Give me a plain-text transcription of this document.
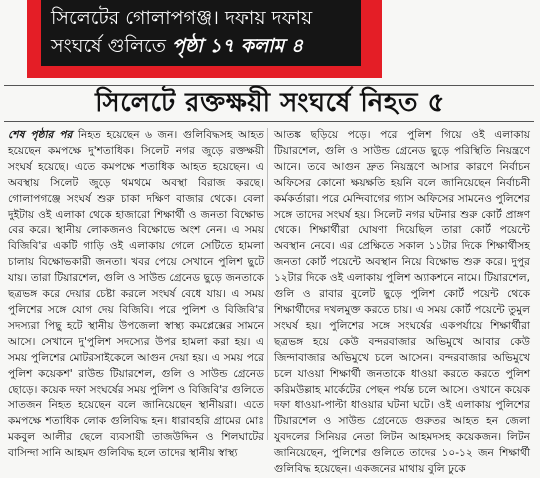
সিলেটের গোলাপগঞ্জ। দফায় দফায়
সংঘর্ষে গুলিতে পৃষ্ঠা ১৭ কলাম ৪
সিলেটে রক্তক্ষয়ী সংঘর্ষে নিহত ৫

শেষ পৃষ্ঠার পর নিহত হয়েছেন ৬ জন। গুলিবিদ্ধসহ আহত হয়েছেন কমপক্ষে দু'শতাধিক। সিলেট নগর জুড়ে রক্তক্ষয়ী সংঘর্ষ হয়েছে। এতে কমপক্ষে শতাধিক আহত হয়েছেন। এ অবস্থায় সিলেট জুড়ে থমথমে অবস্থা বিরাজ করছে। গোলাপগঞ্জে সংঘর্ষ শুরু চাকা দক্ষিণ বাজার থেকে। বেলা দুইটায় ওই এলাকা থেকে হাজারো শিক্ষার্থী ও জনতা বিক্ষোভ বের করে। স্থানীয় লোকজনও বিক্ষোভে অংশ নেন। এ সময় বিজিবি'র একটি গাড়ি ওই এলাকায় গেলে সেটিতে হামলা চালায় বিক্ষোভকারী জনতা। খবর পেয়ে সেখানে পুলিশ ছুটে যায়। তারা টিয়ারশেল, গুলি ও সাউন্ড গ্রেনেড ছুড়ে জনতাকে ছত্রভঙ্গ করে দেয়ার চেষ্টা করলে সংঘর্ষ বেধে যায়। এ সময় পুলিশের সঙ্গে যোগ দেয় বিজিবি। পরে পুলিশ ও বিজিবি'র সদস্যরা পিছু হটে স্থানীয় উপজেলা স্বাস্থ্য কমপ্লেক্সের সামনে আসে। সেখানে দু'পুলিশ সদস্যের উপর হামলা করা হয়। এ সময় পুলিশের মোটরসাইকেলে আগুন দেয়া হয়। এ সময় পরে পুলিশ কয়েকশ' রাউন্ড টিয়ারশেল, গুলি ও সাউন্ড গ্রেনেড ছোড়ে। কয়েক দফা সংঘর্ষের সময় পুলিশ ও বিজিবি'র গুলিতে সাতজন নিহত হয়েছেন বলে জানিয়েছেন স্থানীয়রা। এতে কমপক্ষে শতাধিক লোক গুলিবিদ্ধ হন। ধারাবহরি গ্রামের মোঃ মকবুল আলীর ছেলে ব্যবসায়ী তাজউদ্দিন ও শিলঘাটের বাসিন্দা সানি আহমদ গুলিবিদ্ধ হলে তাদের স্থানীয় স্বাস্থ্য

আতঙ্ক ছড়িয়ে পড়ে। পরে পুলিশ গিয়ে ওই এলাকায় টিয়ারশেল, গুলি ও সাউন্ড গ্রেনেড ছুড়ে পরিস্থিতি নিয়ন্ত্রণে আনে। তবে আগুন দ্রুত নিয়ন্ত্রণে আসার কারণে নির্বাচন অফিসের কোনো ক্ষয়ক্ষতি হয়নি বলে জানিয়েছেন নির্বাচনী কর্মকর্তারা। পরে মেন্দিবাগের গ্যাস অফিসের সামনেও পুলিশের সঙ্গে তাদের সংঘর্ষ হয়। সিলেট নগর ঘটনার শুরু কোর্ট প্রাঙ্গণ থেকে। শিক্ষার্থীরা ঘোষণা দিয়েছিল তারা কোর্ট পয়েন্টে অবস্থান নেবে। এর প্রেক্ষিতে সকাল ১১টার দিকে শিক্ষার্থীসহ জনতা কোর্ট পয়েন্টে অবস্থান নিয়ে বিক্ষোভ শুরু করে। দুপুর ১২টার দিকে ওই এলাকায় পুলিশ অ্যাকশনে নামে। টিয়ারশেল, গুলি ও রাবার বুলেট ছুড়ে পুলিশ কোর্ট পয়েন্ট থেকে শিক্ষার্থীদের দখলমুক্ত করতে চায়। এ সময় কোর্ট পয়েন্টে তুমুল সংঘর্ষ হয়। পুলিশের সঙ্গে সংঘর্ষের একপর্যায়ে শিক্ষার্থীরা ছত্রভঙ্গ হয়ে কেউ বন্দরবাজার অভিমুখে আবার কেউ জিন্দাবাজার অভিমুখে চলে আসেন। বন্দরবাজার অভিমুখে চলে যাওয়া শিক্ষার্থী জনতাকে ধাওয়া করতে করতে পুলিশ করিমউল্লাহ মার্কেটের পেছন পর্যন্ত চলে আসে। ওখানে কয়েক দফা ধাওয়া-পাল্টা ধাওয়ার ঘটনা ঘটে। ওই এলাকায় পুলিশের টিয়ারশেল ও সাউন্ড গ্রেনেডে গুরুতর আহত হন জেলা যুবদলের সিনিয়র নেতা লিটন আহমদসহ কয়েকজন। লিটন জানিয়েছেন, পুলিশের গুলিতে তাদের ১০-১২ জন শিক্ষার্থী গুলিবিদ্ধ হয়েছেন। একজনের মাথায় বুলি ঢুকে
